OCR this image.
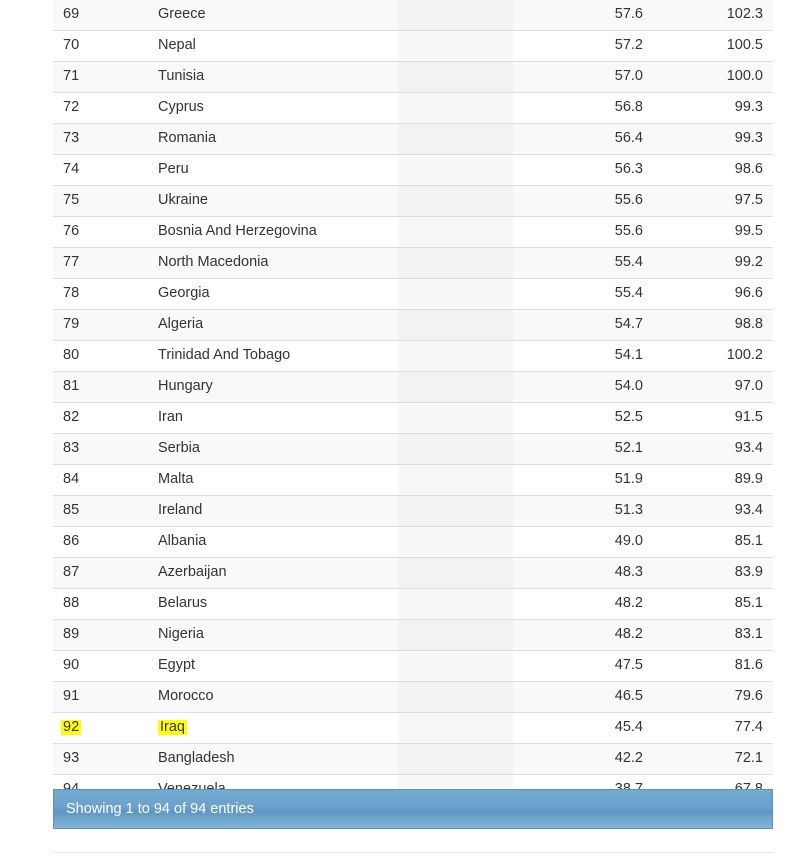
69	Greece		57.6	102.3
70	Nepal		57.2	100.5
71	Tunisia		57.0	100.0
72	Cyprus		56.8	99.3
73	Romania		56.4	99.3
74	Peru		56.3	98.6
75	Ukraine		55.6	97.5
76	Bosnia And Herzegovina		55.6	99.5
77	North Macedonia		55.4	99.2
78	Georgia		55.4	96.6
79	Algeria		54.7	98.8
80	Trinidad And Tobago		54.1	100.2
81	Hungary		54.0	97.0
82	Iran		52.5	91.5
83	Serbia		52.1	93.4
84	Malta		51.9	89.9
85	Ireland		51.3	93.4
86	Albania		49.0	85.1
87	Azerbaijan		48.3	83.9
88	Belarus		48.2	85.1
89	Nigeria		48.2	83.1
90	Egypt		47.5	81.6
91	Morocco		46.5	79.6
92	Iraq		45.4	77.4
93	Bangladesh		42.2	72.1

Showing 1 to 94 of 94 entries
